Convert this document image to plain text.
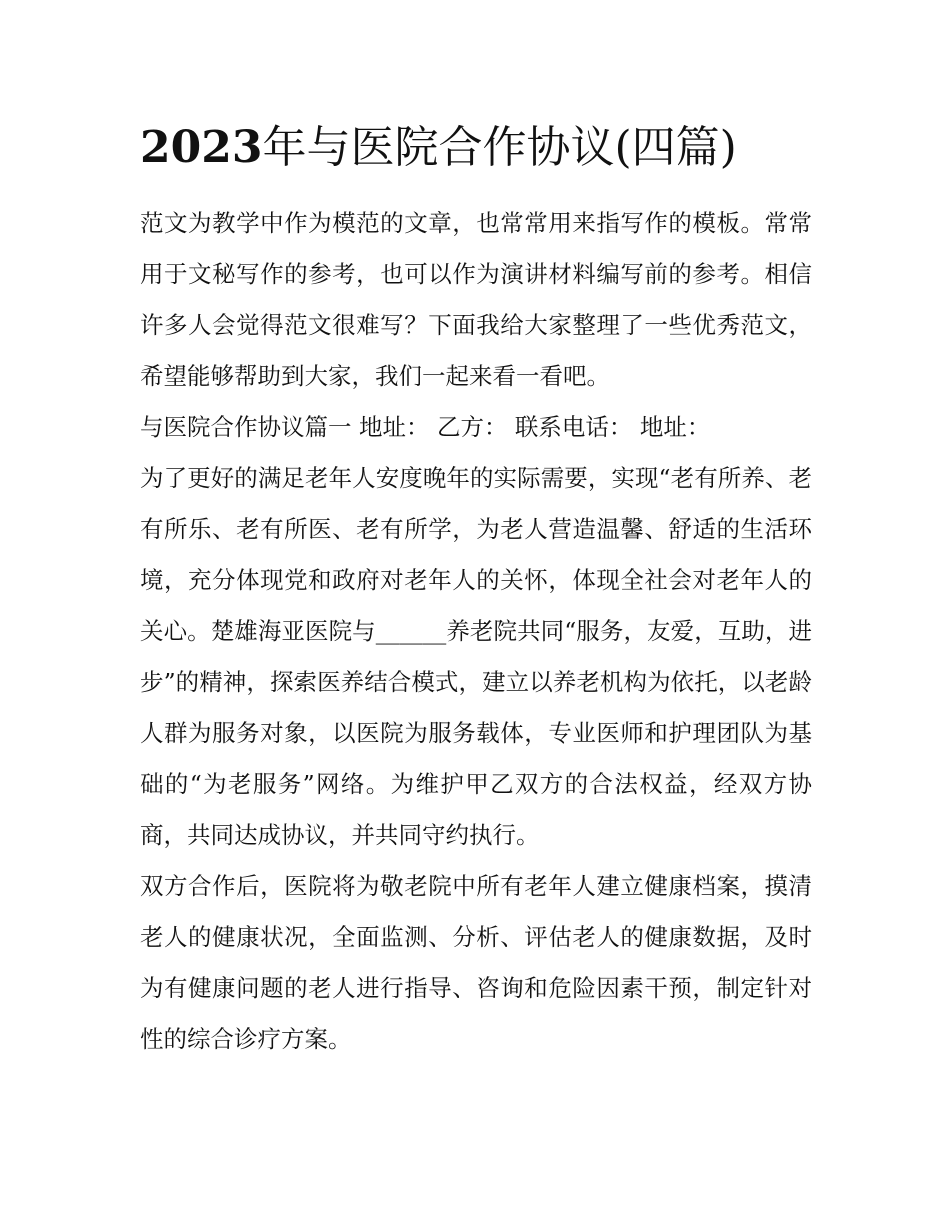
2023年与医院合作协议(四篇)

范文为教学中作为模范的文章，也常常用来指写作的模板。常常用于文秘写作的参考，也可以作为演讲材料编写前的参考。相信许多人会觉得范文很难写？下面我给大家整理了一些优秀范文，希望能够帮助到大家，我们一起来看一看吧。

与医院合作协议篇一 地址： 乙方： 联系电话： 地址：

为了更好的满足老年人安度晚年的实际需要，实现“老有所养、老有所乐、老有所医、老有所学，为老人营造温馨、舒适的生活环境，充分体现党和政府对老年人的关怀，体现全社会对老年人的关心。楚雄海亚医院与______养老院共同“服务，友爱，互助，进步”的精神，探索医养结合模式，建立以养老机构为依托，以老龄人群为服务对象，以医院为服务载体，专业医师和护理团队为基础的“为老服务”网络。为维护甲乙双方的合法权益，经双方协商，共同达成协议，并共同守约执行。

双方合作后，医院将为敬老院中所有老年人建立健康档案，摸清老人的健康状况，全面监测、分析、评估老人的健康数据，及时为有健康问题的老人进行指导、咨询和危险因素干预，制定针对性的综合诊疗方案。
